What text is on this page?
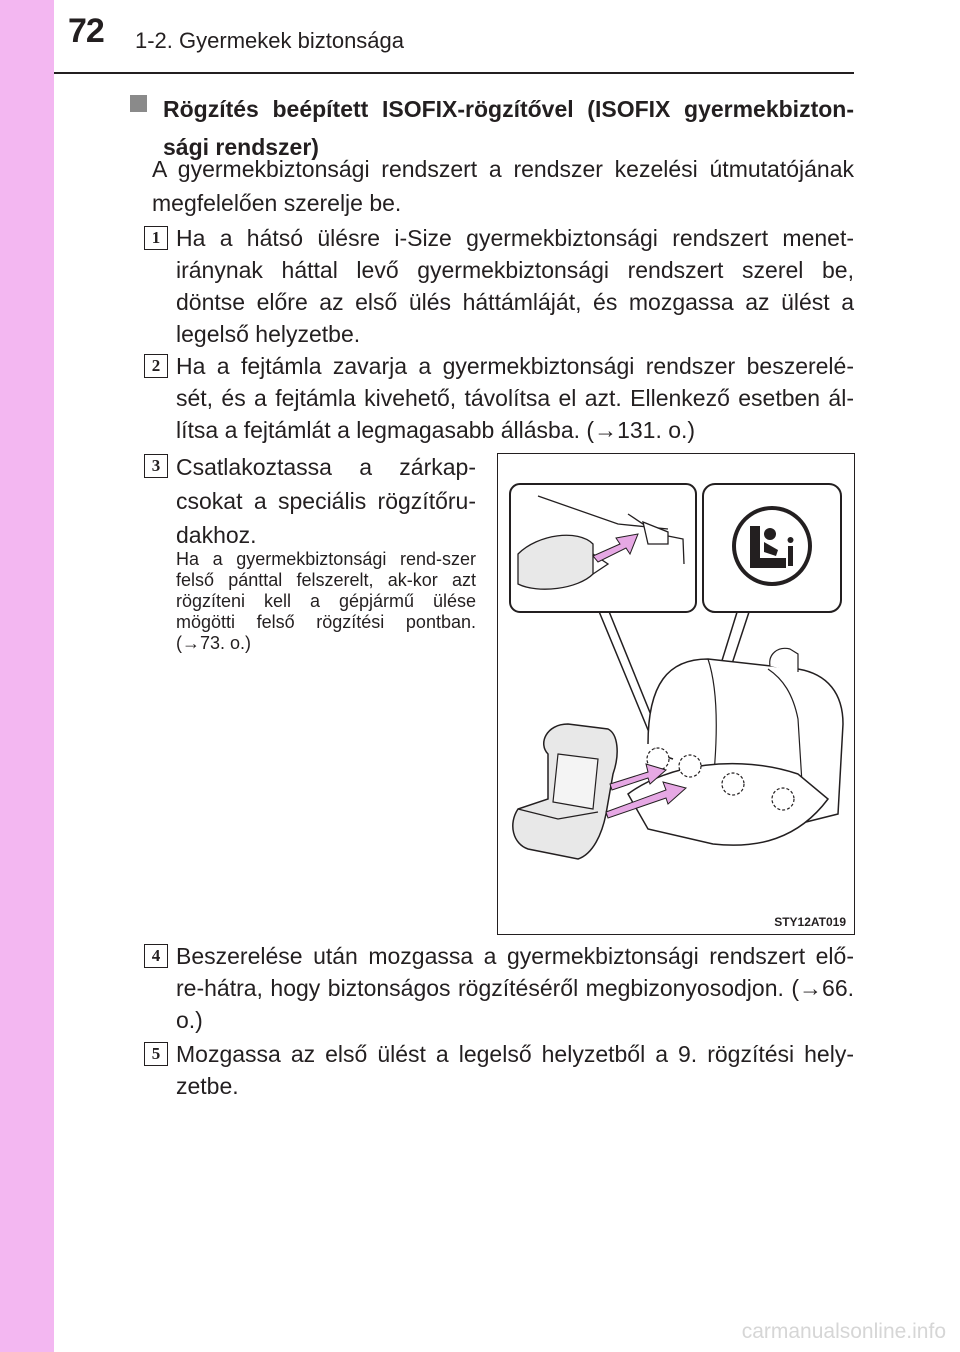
72 1-2. Gyermekek biztonsága
Rögzítés beépített ISOFIX-rögzítővel (ISOFIX gyermekbizton-sági rendszer)
A gyermekbiztonsági rendszert a rendszer kezelési útmutatójának megfelelően szerelje be.
1 Ha a hátsó ülésre i-Size gyermekbiztonsági rendszert menet-iránynak háttal levő gyermekbiztonsági rendszert szerel be, döntse előre az első ülés háttámláját, és mozgassa az ülést a legelső helyzetbe.
2 Ha a fejtámla zavarja a gyermekbiztonsági rendszer beszerelé-sét, és a fejtámla kivehető, távolítsa el azt. Ellenkező esetben ál-lítsa a fejtámlát a legmagasabb állásba. (→131. o.)
3 Csatlakoztassa a zárkap-csokat a speciális rögzítőru-dakhoz.
Ha a gyermekbiztonsági rend-szer felső pánttal felszerelt, ak-kor azt rögzíteni kell a gépjármű ülése mögötti felső rögzítési pontban. (→73. o.)
STY12AT019
4 Beszerelése után mozgassa a gyermekbiztonsági rendszert elő-re-hátra, hogy biztonságos rögzítéséről megbizonyosodjon. (→66. o.)
5 Mozgassa az első ülést a legelső helyzetből a 9. rögzítési hely-zetbe.
carmanualsonline.info
